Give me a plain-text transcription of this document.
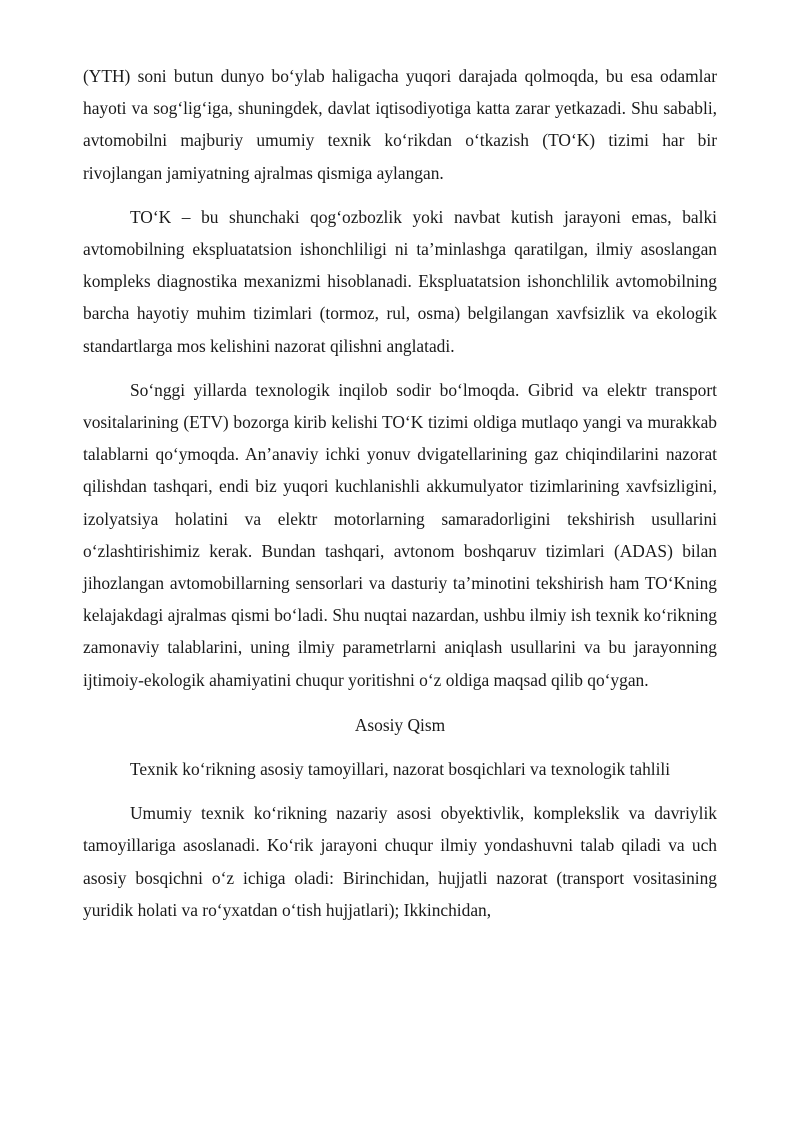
(YTH) soni butun dunyo bo‘ylab haligacha yuqori darajada qolmoqda, bu esa odamlar hayoti va sog‘lig‘iga, shuningdek, davlat iqtisodiyotiga katta zarar yetkazadi. Shu sababli, avtomobilni majburiy umumiy texnik ko‘rikdan o‘tkazish (TO‘K) tizimi har bir rivojlangan jamiyatning ajralmas qismiga aylangan.

TO‘K – bu shunchaki qog‘ozbozlik yoki navbat kutish jarayoni emas, balki avtomobilning ekspluatatsion ishonchliligi ni ta’minlashga qaratilgan, ilmiy asoslangan kompleks diagnostika mexanizmi hisoblanadi. Ekspluatatsion ishonchlilik avtomobilning barcha hayotiy muhim tizimlari (tormoz, rul, osma) belgilangan xavfsizlik va ekologik standartlarga mos kelishini nazorat qilishni anglatadi.

So‘nggi yillarda texnologik inqilob sodir bo‘lmoqda. Gibrid va elektr transport vositalarining (ETV) bozorga kirib kelishi TO‘K tizimi oldiga mutlaqo yangi va murakkab talablarni qo‘ymoqda. An’anaviy ichki yonuv dvigatellarining gaz chiqindilarini nazorat qilishdan tashqari, endi biz yuqori kuchlanishli akkumulyator tizimlarining xavfsizligini, izolyatsiya holatini va elektr motorlarning samaradorligini tekshirish usullarini o‘zlashtirishimiz kerak. Bundan tashqari, avtonom boshqaruv tizimlari (ADAS) bilan jihozlangan avtomobillarning sensorlari va dasturiy ta’minotini tekshirish ham TO‘Kning kelajakdagi ajralmas qismi bo‘ladi. Shu nuqtai nazardan, ushbu ilmiy ish texnik ko‘rikning zamonaviy talablarini, uning ilmiy parametrlarni aniqlash usullarini va bu jarayonning ijtimoiy-ekologik ahamiyatini chuqur yoritishni o‘z oldiga maqsad qilib qo‘ygan.

Asosiy Qism

Texnik ko‘rikning asosiy tamoyillari, nazorat bosqichlari va texnologik tahlili

Umumiy texnik ko‘rikning nazariy asosi obyektivlik, komplekslik va davriylik tamoyillariga asoslanadi. Ko‘rik jarayoni chuqur ilmiy yondashuvni talab qiladi va uch asosiy bosqichni o‘z ichiga oladi: Birinchidan, hujjatli nazorat (transport vositasining yuridik holati va ro‘yxatdan o‘tish hujjatlari); Ikkinchidan,
